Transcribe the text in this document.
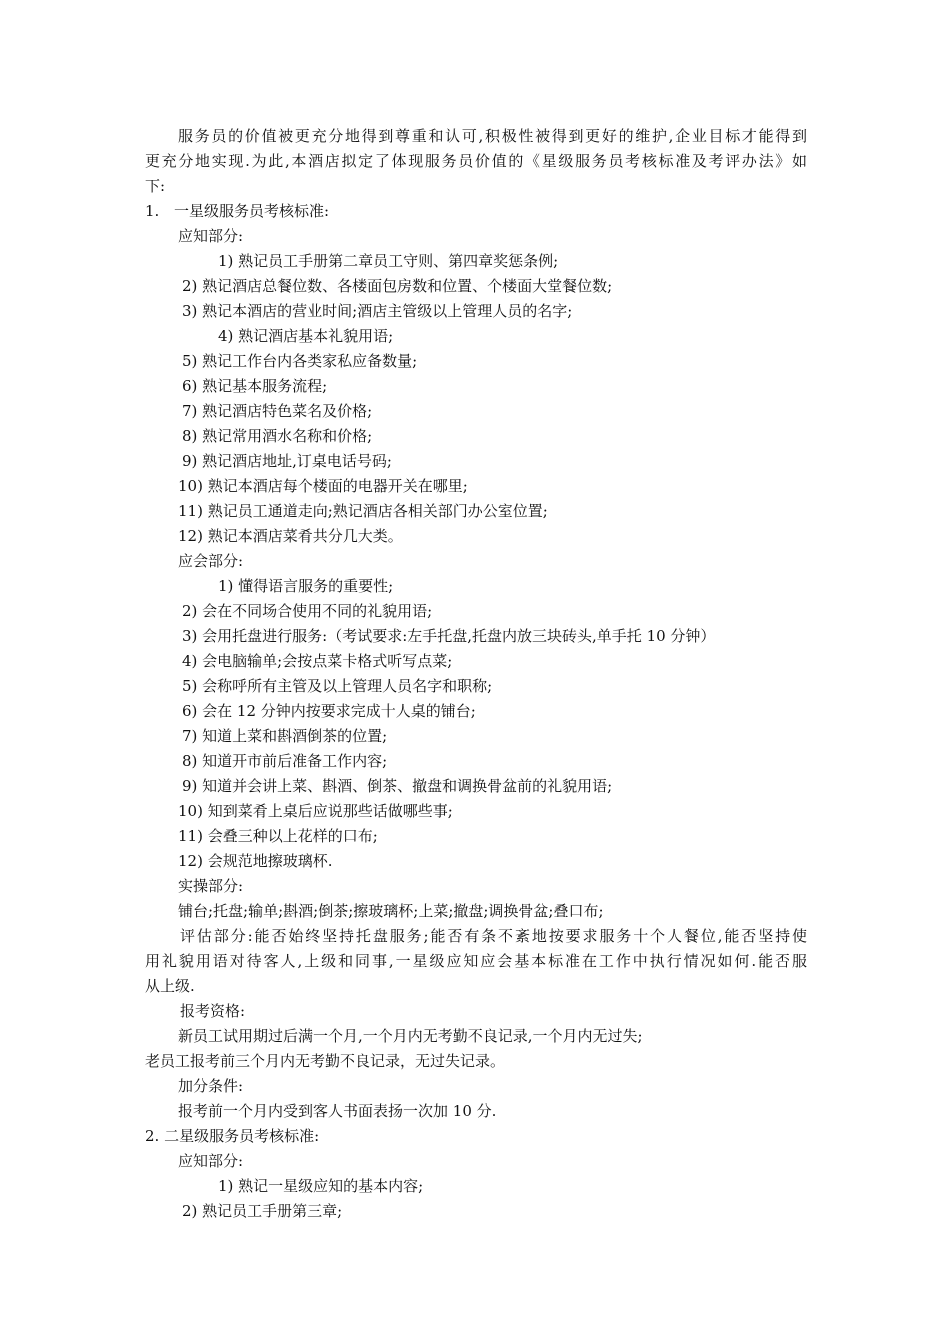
服务员的价值被更充分地得到尊重和认可,积极性被得到更好的维护,企业目标才能得到
更充分地实现.为此,本酒店拟定了体现服务员价值的《星级服务员考核标准及考评办法》如
下:
1. 一星级服务员考核标准:
应知部分:
1) 熟记员工手册第二章员工守则、第四章奖惩条例;
2) 熟记酒店总餐位数、各楼面包房数和位置、个楼面大堂餐位数;
3) 熟记本酒店的营业时间;酒店主管级以上管理人员的名字;
4) 熟记酒店基本礼貌用语;
5) 熟记工作台内各类家私应备数量;
6) 熟记基本服务流程;
7) 熟记酒店特色菜名及价格;
8) 熟记常用酒水名称和价格;
9) 熟记酒店地址,订桌电话号码;
10) 熟记本酒店每个楼面的电器开关在哪里;
11) 熟记员工通道走向;熟记酒店各相关部门办公室位置;
12) 熟记本酒店菜肴共分几大类。
应会部分:
1) 懂得语言服务的重要性;
2) 会在不同场合使用不同的礼貌用语;
3) 会用托盘进行服务:（考试要求:左手托盘,托盘内放三块砖头,单手托 10 分钟）
4) 会电脑输单;会按点菜卡格式听写点菜;
5) 会称呼所有主管及以上管理人员名字和职称;
6) 会在 12 分钟内按要求完成十人桌的铺台;
7) 知道上菜和斟酒倒茶的位置;
8) 知道开市前后准备工作内容;
9) 知道并会讲上菜、斟酒、倒茶、撤盘和调换骨盆前的礼貌用语;
10) 知到菜肴上桌后应说那些话做哪些事;
11) 会叠三种以上花样的口布;
12) 会规范地擦玻璃杯.
实操部分:
铺台;托盘;输单;斟酒;倒茶;擦玻璃杯;上菜;撤盘;调换骨盆;叠口布;
评估部分:能否始终坚持托盘服务;能否有条不紊地按要求服务十个人餐位,能否坚持使
用礼貌用语对待客人,上级和同事,一星级应知应会基本标准在工作中执行情况如何.能否服
从上级.
报考资格:
新员工试用期过后满一个月,一个月内无考勤不良记录,一个月内无过失;
老员工报考前三个月内无考勤不良记录，无过失记录。
加分条件:
报考前一个月内受到客人书面表扬一次加 10 分.
2. 二星级服务员考核标准:
应知部分:
1) 熟记一星级应知的基本内容;
2) 熟记员工手册第三章;
